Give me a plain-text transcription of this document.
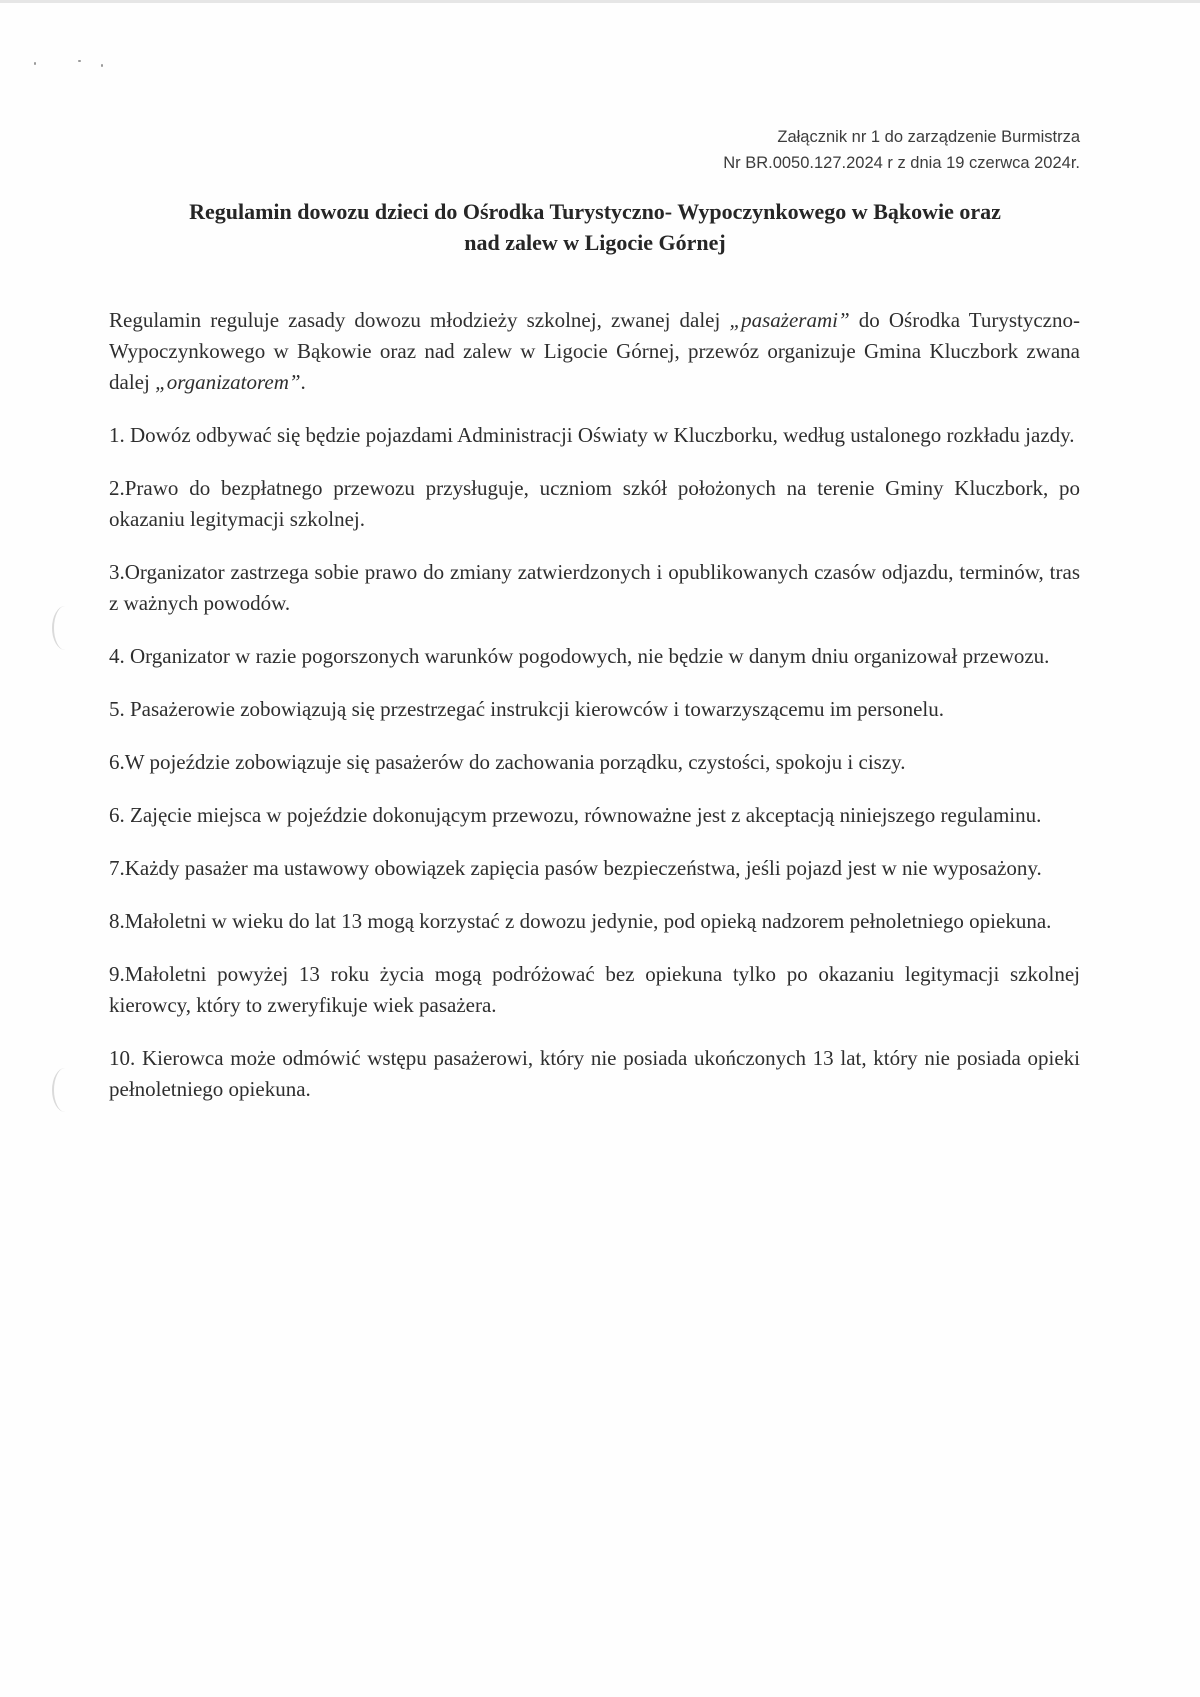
Załącznik nr 1 do zarządzenie Burmistrza
Nr BR.0050.127.2024 r z dnia 19 czerwca 2024r.
Regulamin dowozu dzieci do Ośrodka Turystyczno- Wypoczynkowego w Bąkowie oraz
nad zalew w Ligocie Górnej

Regulamin reguluje zasady dowozu młodzieży szkolnej, zwanej dalej „pasażerami” do Ośrodka Turystyczno- Wypoczynkowego w Bąkowie oraz nad zalew w Ligocie Górnej, przewóz organizuje Gmina Kluczbork zwana dalej „organizatorem”.

1. Dowóz odbywać się będzie pojazdami Administracji Oświaty w Kluczborku, według ustalonego rozkładu jazdy.

2.Prawo do bezpłatnego przewozu przysługuje, uczniom szkół położonych na terenie Gminy Kluczbork, po okazaniu legitymacji szkolnej.

3.Organizator zastrzega sobie prawo do zmiany zatwierdzonych i opublikowanych czasów odjazdu, terminów, tras z ważnych powodów.

4. Organizator w razie pogorszonych warunków pogodowych, nie będzie w danym dniu organizował przewozu.

5. Pasażerowie zobowiązują się przestrzegać instrukcji kierowców i towarzyszącemu im personelu.

6.W pojeździe zobowiązuje się pasażerów do zachowania porządku, czystości, spokoju i ciszy.

6. Zajęcie miejsca w pojeździe dokonującym przewozu, równoważne jest z akceptacją niniejszego regulaminu.

7.Każdy pasażer ma ustawowy obowiązek zapięcia pasów bezpieczeństwa, jeśli pojazd jest w nie wyposażony.

8.Małoletni w wieku do lat 13 mogą korzystać z dowozu jedynie, pod opieką nadzorem pełnoletniego opiekuna.

9.Małoletni powyżej 13 roku życia mogą podróżować bez opiekuna tylko po okazaniu legitymacji szkolnej kierowcy, który to zweryfikuje wiek pasażera.

10. Kierowca może odmówić wstępu pasażerowi, który nie posiada ukończonych 13 lat, który nie posiada opieki pełnoletniego opiekuna.
